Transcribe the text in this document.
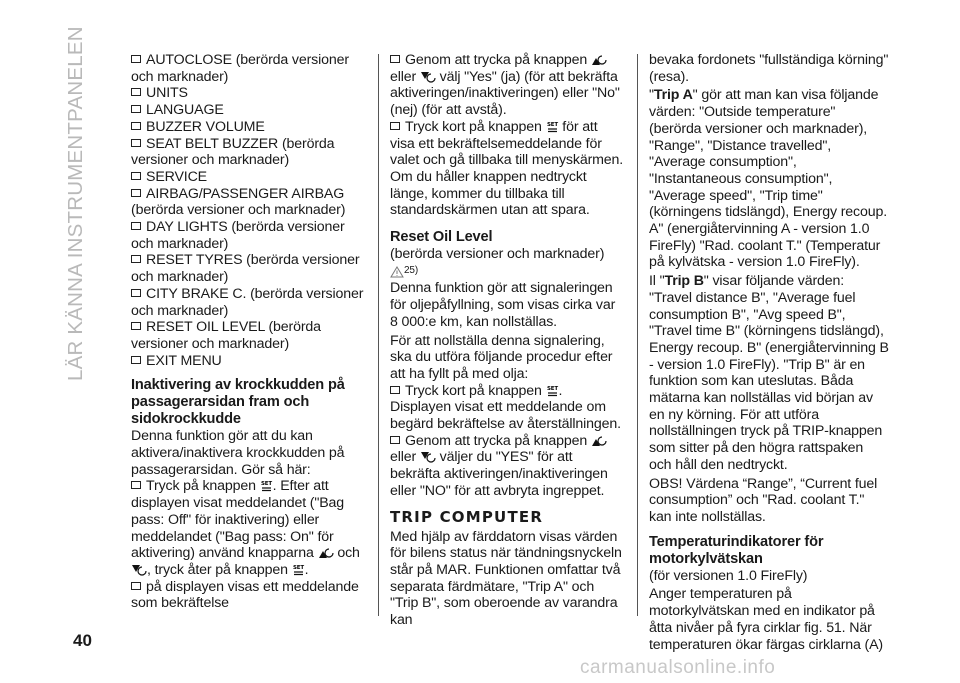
LÄR KÄNNA INSTRUMENTPANELEN	AUTOCLOSE (berörda versioner och marknader)

UNITS

LANGUAGE

BUZZER VOLUME

SEAT BELT BUZZER (berörda versioner och marknader)

SERVICE

AIRBAG/PASSENGER AIRBAG (berörda versioner och marknader)

DAY LIGHTS (berörda versioner och marknader)

RESET TYRES (berörda versioner och marknader)

CITY BRAKE C. (berörda versioner och marknader)

RESET OIL LEVEL (berörda versioner och marknader)

EXIT MENU

Inaktivering av krockkudden på passagerarsidan fram och sidokrockkudde

Denna funktion gör att du kan aktivera/inaktivera krockkudden på passagerarsidan. Gör så här:

Tryck på knappen SET . Efter att displayen visat meddelandet ("Bag pass: Off" för inaktivering) eller meddelandet ("Bag pass: On" för aktivering) använd knapparna och , tryck åter på knappen SET .

på displayen visas ett meddelande som bekräftelse

Genom att trycka på knappen  eller välj "Yes" (ja) (för att bekräfta aktiveringen/inaktiveringen) eller "No" (nej) (för att avstå).

Tryck kort på knappen SET för att visa ett bekräftelsemeddelande för valet och gå tillbaka till menyskärmen. Om du håller knappen nedtryckt länge, kommer du tillbaka till standardskärmen utan att spara.

Reset Oil Level

(berörda versioner och marknader)

$^{25)}$

Denna funktion gör att signaleringen för oljepåfyllning, som visas cirka var 8 000:e km, kan nollställas.

För att nollställa denna signalering, ska du utföra följande procedur efter att ha fyllt på med olja:

Tryck kort på knappen SET . Displayen visat ett meddelande om begärd bekräftelse av återställningen.

Genom att trycka på knappen  eller väljer du "YES" för att bekräfta aktiveringen/inaktiveringen eller "NO" för att avbryta ingreppet.

TRIP COMPUTER

Med hjälp av färddatorn visas värden för bilens status när tändningsnyckeln står på MAR. Funktionen omfattar två separata färdmätare, "Trip A" och "Trip B", som oberoende av varandra kan

bevaka fordonets "fullständiga körning" (resa).

"Trip A" gör att man kan visa följande värden: "Outside temperature" (berörda versioner och marknader), "Range", "Distance travelled", "Average consumption", "Instantaneous consumption", "Average speed", "Trip time" (körningens tidslängd), Energy recoup. A" (energiåtervinning A - version 1.0 FireFly) "Rad. coolant T." (Temperatur på kylvätska - version 1.0 FireFly).

Il "Trip B" visar följande värden: "Travel distance B", "Average fuel consumption B", "Avg speed B", "Travel time B" (körningens tidslängd), Energy recoup. B" (energiåtervinning B - version 1.0 FireFly). "Trip B" är en funktion som kan uteslutas. Båda mätarna kan nollställas vid början av en ny körning. För att utföra nollställningen tryck på TRIP-knappen som sitter på den högra rattspaken och håll den nedtryckt.

OBS! Värdena “Range”, “Current fuel consumption” och "Rad. coolant T." kan inte nollställas.

Temperaturindikatorer för motorkylvätskan

(för versionen 1.0 FireFly)

Anger temperaturen på motorkylvätskan med en indikator på åtta nivåer på fyra cirklar fig. 51. När temperaturen ökar färgas cirklarna (A)

40
carmanualsonline.info
